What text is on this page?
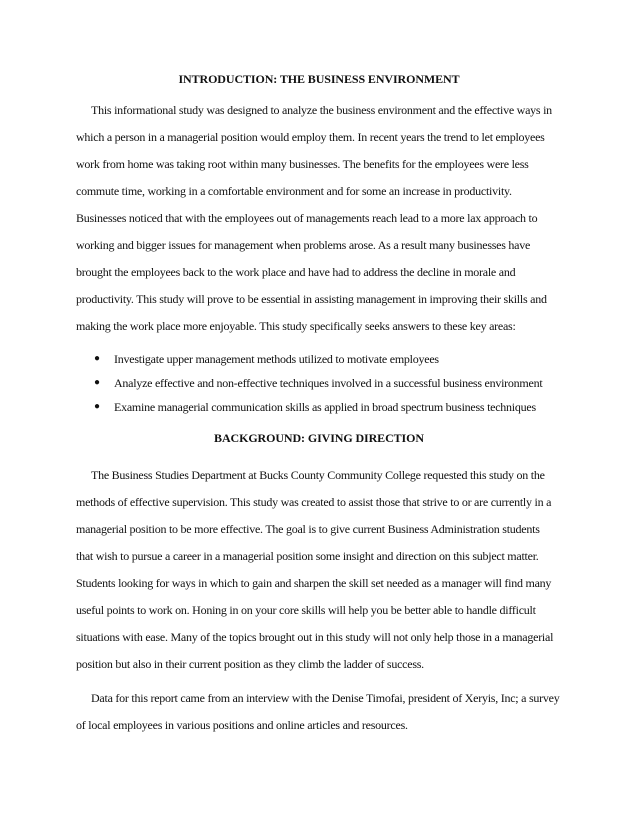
INTRODUCTION: THE BUSINESS ENVIRONMENT
This informational study was designed to analyze the business environment and the effective ways in
which a person in a managerial position would employ them. In recent years the trend to let employees
work from home was taking root within many businesses. The benefits for the employees were less
commute time, working in a comfortable environment and for some an increase in productivity.
Businesses noticed that with the employees out of managements reach lead to a more lax approach to
working and bigger issues for management when problems arose. As a result many businesses have
brought the employees back to the work place and have had to address the decline in morale and
productivity. This study will prove to be essential in assisting management in improving their skills and
making the work place more enjoyable. This study specifically seeks answers to these key areas:
● Investigate upper management methods utilized to motivate employees
● Analyze effective and non-effective techniques involved in a successful business environment
● Examine managerial communication skills as applied in broad spectrum business techniques
BACKGROUND: GIVING DIRECTION
The Business Studies Department at Bucks County Community College requested this study on the
methods of effective supervision. This study was created to assist those that strive to or are currently in a
managerial position to be more effective. The goal is to give current Business Administration students
that wish to pursue a career in a managerial position some insight and direction on this subject matter.
Students looking for ways in which to gain and sharpen the skill set needed as a manager will find many
useful points to work on. Honing in on your core skills will help you be better able to handle difficult
situations with ease. Many of the topics brought out in this study will not only help those in a managerial
position but also in their current position as they climb the ladder of success.
Data for this report came from an interview with the Denise Timofai, president of Xeryis, Inc; a survey
of local employees in various positions and online articles and resources.
